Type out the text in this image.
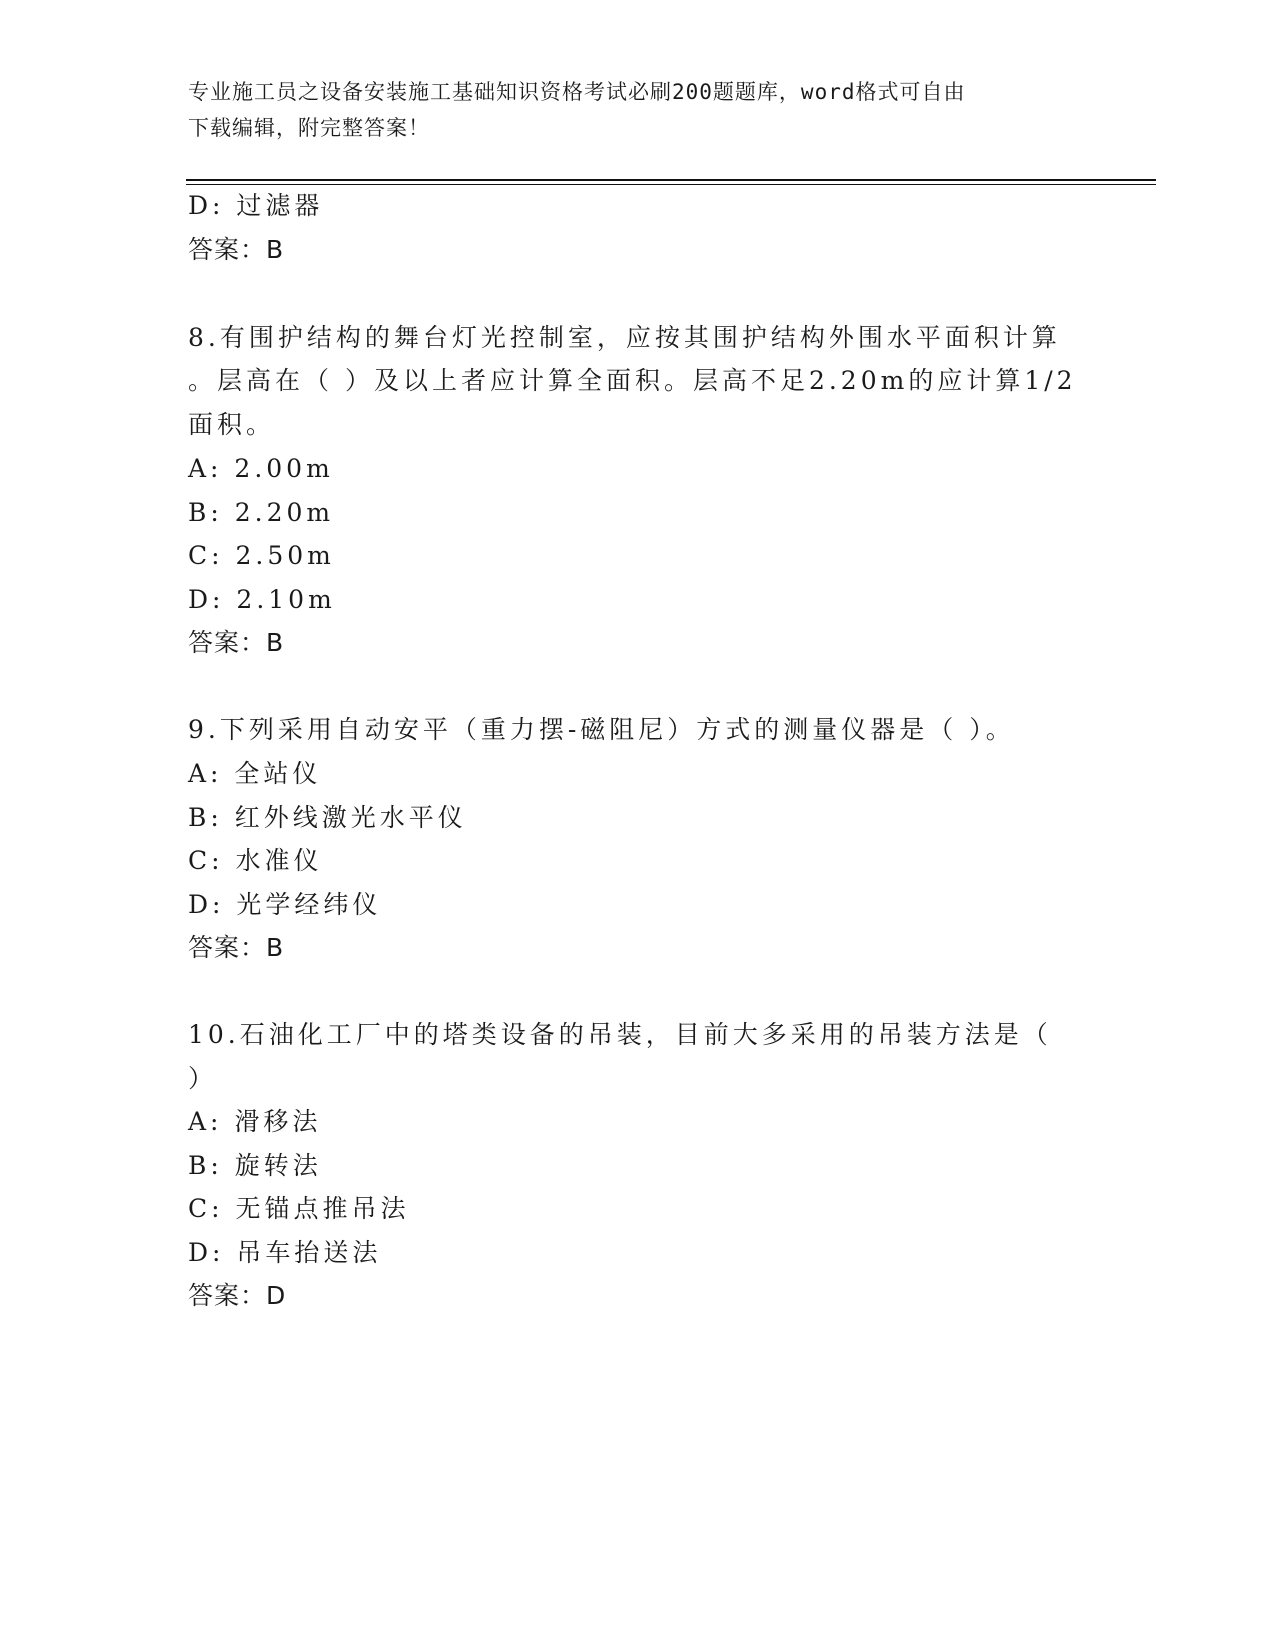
专业施工员之设备安装施工基础知识资格考试必刷200题题库，word格式可自由
下载编辑，附完整答案！
D: 过滤器
答案：B
8.有围护结构的舞台灯光控制室，应按其围护结构外围水平面积计算
。层高在（ ）及以上者应计算全面积。层高不足2.20m的应计算1/2
面积。
A: 2.00m
B: 2.20m
C: 2.50m
D: 2.10m
答案：B
9.下列采用自动安平（重力摆-磁阻尼）方式的测量仪器是（ ）。
A: 全站仪
B: 红外线激光水平仪
C: 水准仪
D: 光学经纬仪
答案：B
10.石油化工厂中的塔类设备的吊装，目前大多采用的吊装方法是（
）
A: 滑移法
B: 旋转法
C: 无锚点推吊法
D: 吊车抬送法
答案：D
